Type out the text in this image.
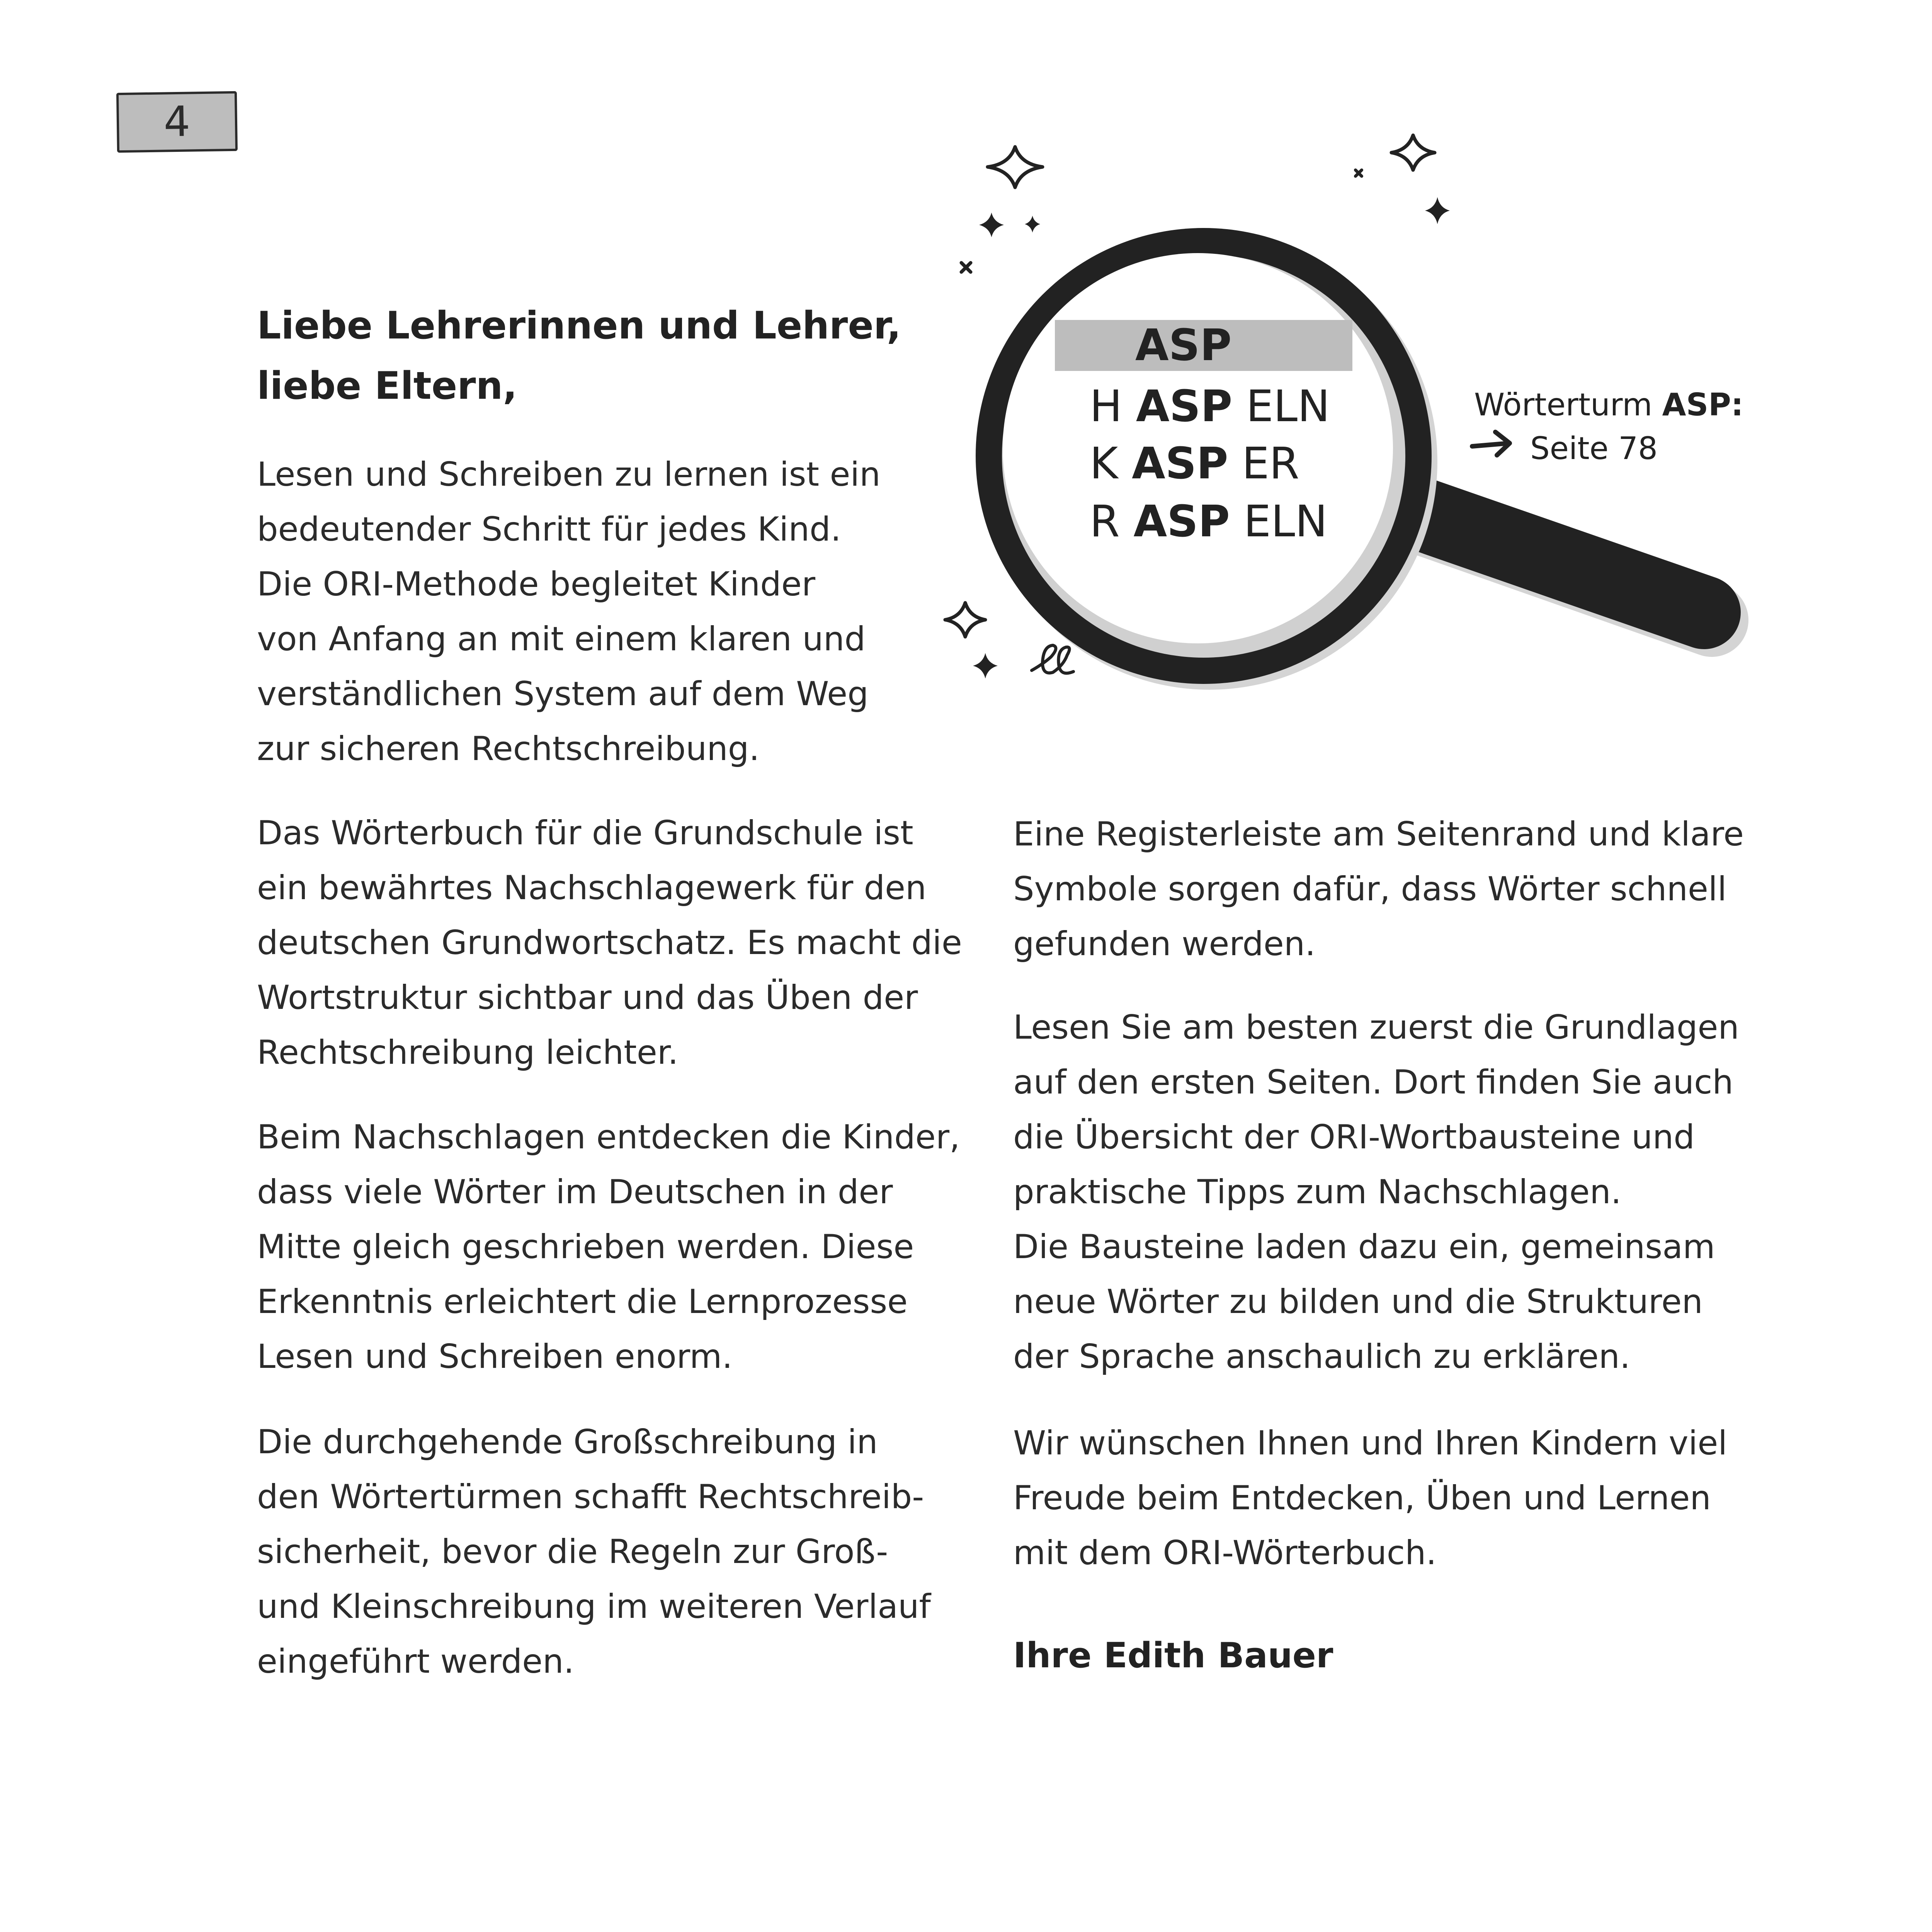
4
Liebe Lehrerinnen und Lehrer,
liebe Eltern,

Lesen und Schreiben zu lernen ist ein
bedeutender Schritt für jedes Kind.
Die ORI-Methode begleitet Kinder
von Anfang an mit einem klaren und
verständlichen System auf dem Weg
zur sicheren Rechtschreibung.

Das Wörterbuch für die Grundschule ist
ein bewährtes Nachschlagewerk für den
deutschen Grundwortschatz. Es macht die
Wortstruktur sichtbar und das Üben der
Rechtschreibung leichter.

Beim Nachschlagen entdecken die Kinder,
dass viele Wörter im Deutschen in der
Mitte gleich geschrieben werden. Diese
Erkenntnis erleichtert die Lernprozesse
Lesen und Schreiben enorm.

Die durchgehende Großschreibung in
den Wörtertürmen schafft Rechtschreib-
sicherheit, bevor die Regeln zur Groß-
und Kleinschreibung im weiteren Verlauf
eingeführt werden.

Eine Registerleiste am Seitenrand und klare
Symbole sorgen dafür, dass Wörter schnell
gefunden werden.

Lesen Sie am besten zuerst die Grundlagen
auf den ersten Seiten. Dort finden Sie auch
die Übersicht der ORI-Wortbausteine und
praktische Tipps zum Nachschlagen.
Die Bausteine laden dazu ein, gemeinsam
neue Wörter zu bilden und die Strukturen
der Sprache anschaulich zu erklären.

Wir wünschen Ihnen und Ihren Kindern viel
Freude beim Entdecken, Üben und Lernen
mit dem ORI-Wörterbuch.

Ihre Edith Bauer

ASP
H ASP ELN
K ASP ER
R ASP ELN
Wörterturm ASP:
Seite 78
